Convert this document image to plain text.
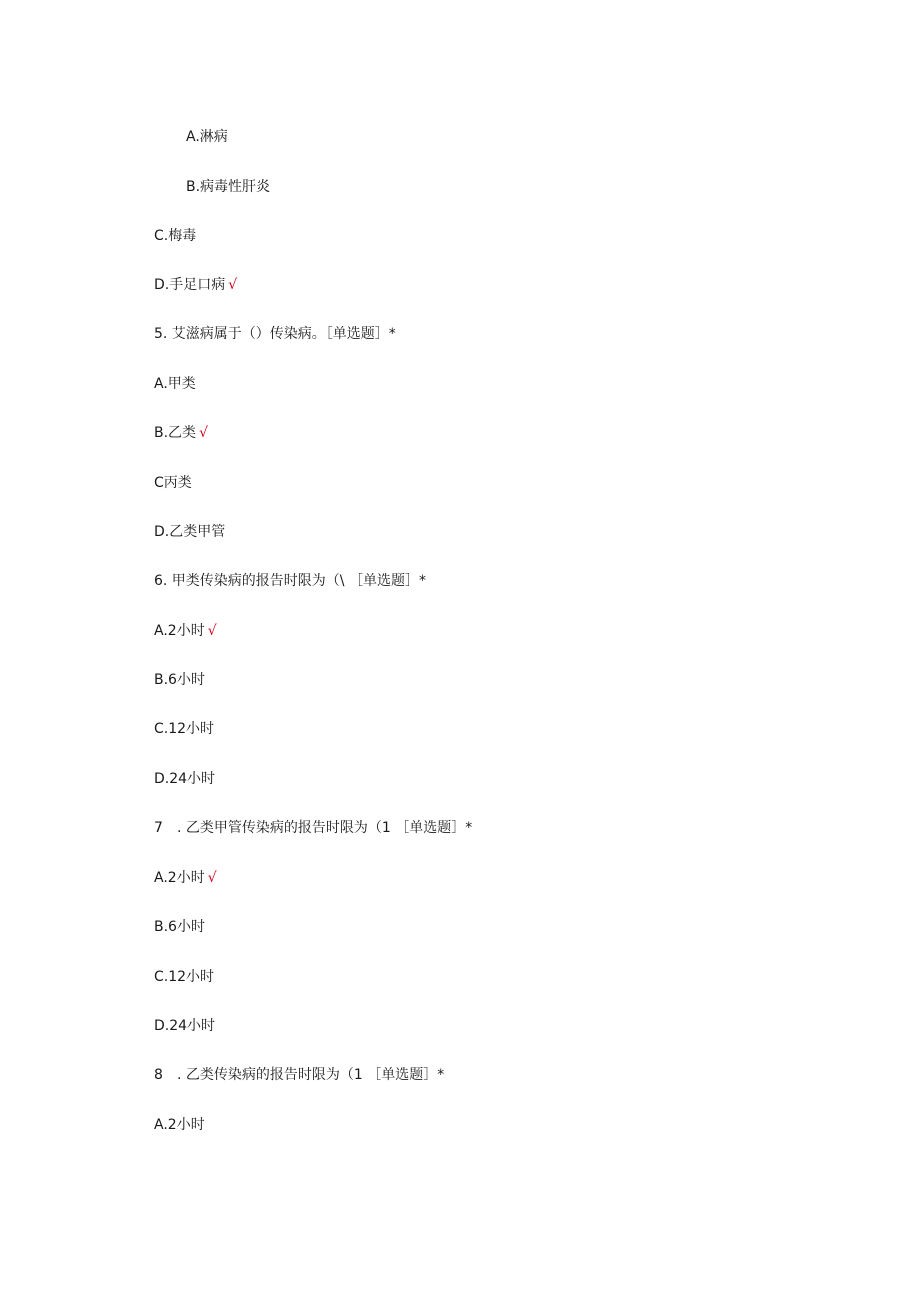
A.淋病
B.病毒性肝炎
C.梅毒
D.手足口病 √
5. 艾滋病属于（）传染病。［单选题］*
A.甲类
B.乙类 √
C丙类
D.乙类甲管
6. 甲类传染病的报告时限为（\ ［单选题］*
A.2小时 √
B.6小时
C.12小时
D.24小时
7 . 乙类甲管传染病的报告时限为（1 ［单选题］*
A.2小时 √
B.6小时
C.12小时
D.24小时
8 . 乙类传染病的报告时限为（1 ［单选题］*
A.2小时
